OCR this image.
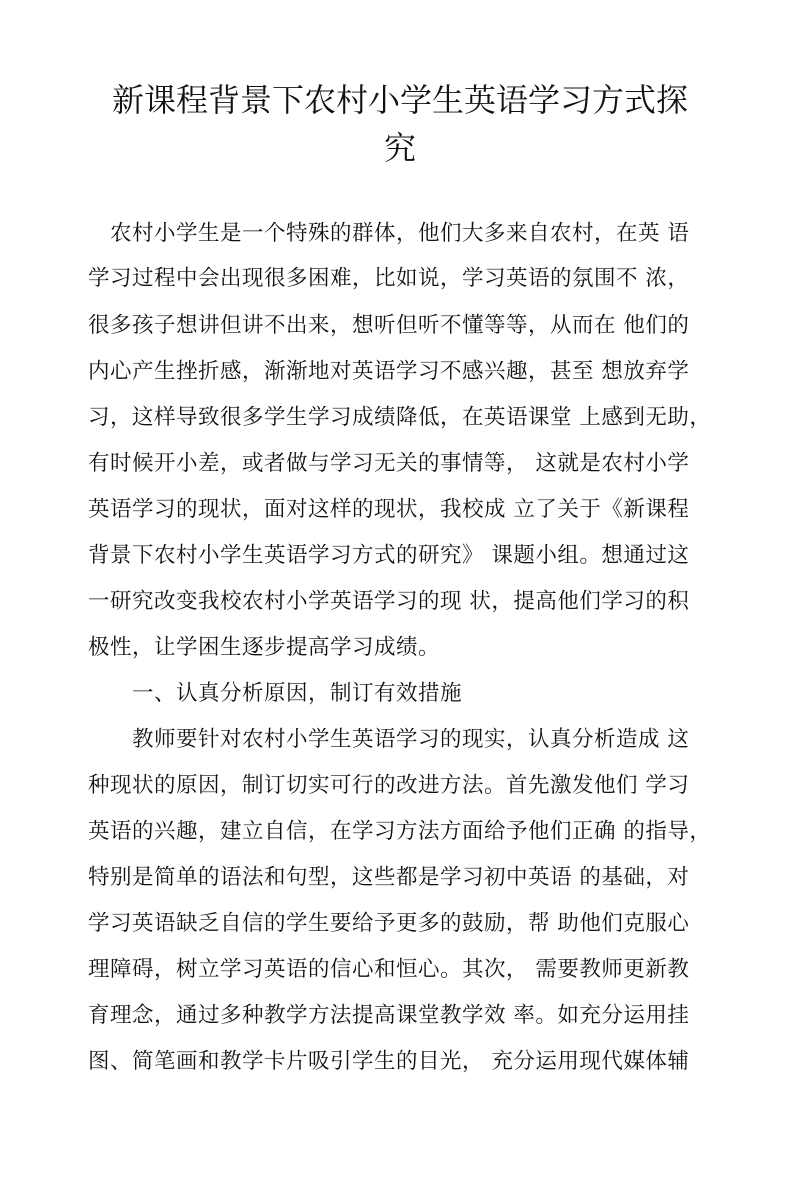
新课程背景下农村小学生英语学习方式探
究
　农村小学生是一个特殊的群体，他们大多来自农村，在英 语
学习过程中会出现很多困难，比如说，学习英语的氛围不 浓，
很多孩子想讲但讲不出来，想听但听不懂等等，从而在 他们的
内心产生挫折感，渐渐地对英语学习不感兴趣，甚至 想放弃学
习，这样导致很多学生学习成绩降低，在英语课堂 上感到无助，
有时候开小差，或者做与学习无关的事情等， 这就是农村小学
英语学习的现状，面对这样的现状，我校成 立了关于《新课程
背景下农村小学生英语学习方式的研究》 课题小组。想通过这
一研究改变我校农村小学英语学习的现 状，提高他们学习的积
极性，让学困生逐步提高学习成绩。
　　一、认真分析原因，制订有效措施
　　教师要针对农村小学生英语学习的现实，认真分析造成 这
种现状的原因，制订切实可行的改进方法。首先激发他们 学习
英语的兴趣，建立自信，在学习方法方面给予他们正确 的指导，
特别是简单的语法和句型，这些都是学习初中英语 的基础，对
学习英语缺乏自信的学生要给予更多的鼓励，帮 助他们克服心
理障碍，树立学习英语的信心和恒心。其次， 需要教师更新教
育理念，通过多种教学方法提高课堂教学效 率。如充分运用挂
图、简笔画和教学卡片吸引学生的目光， 充分运用现代媒体辅
